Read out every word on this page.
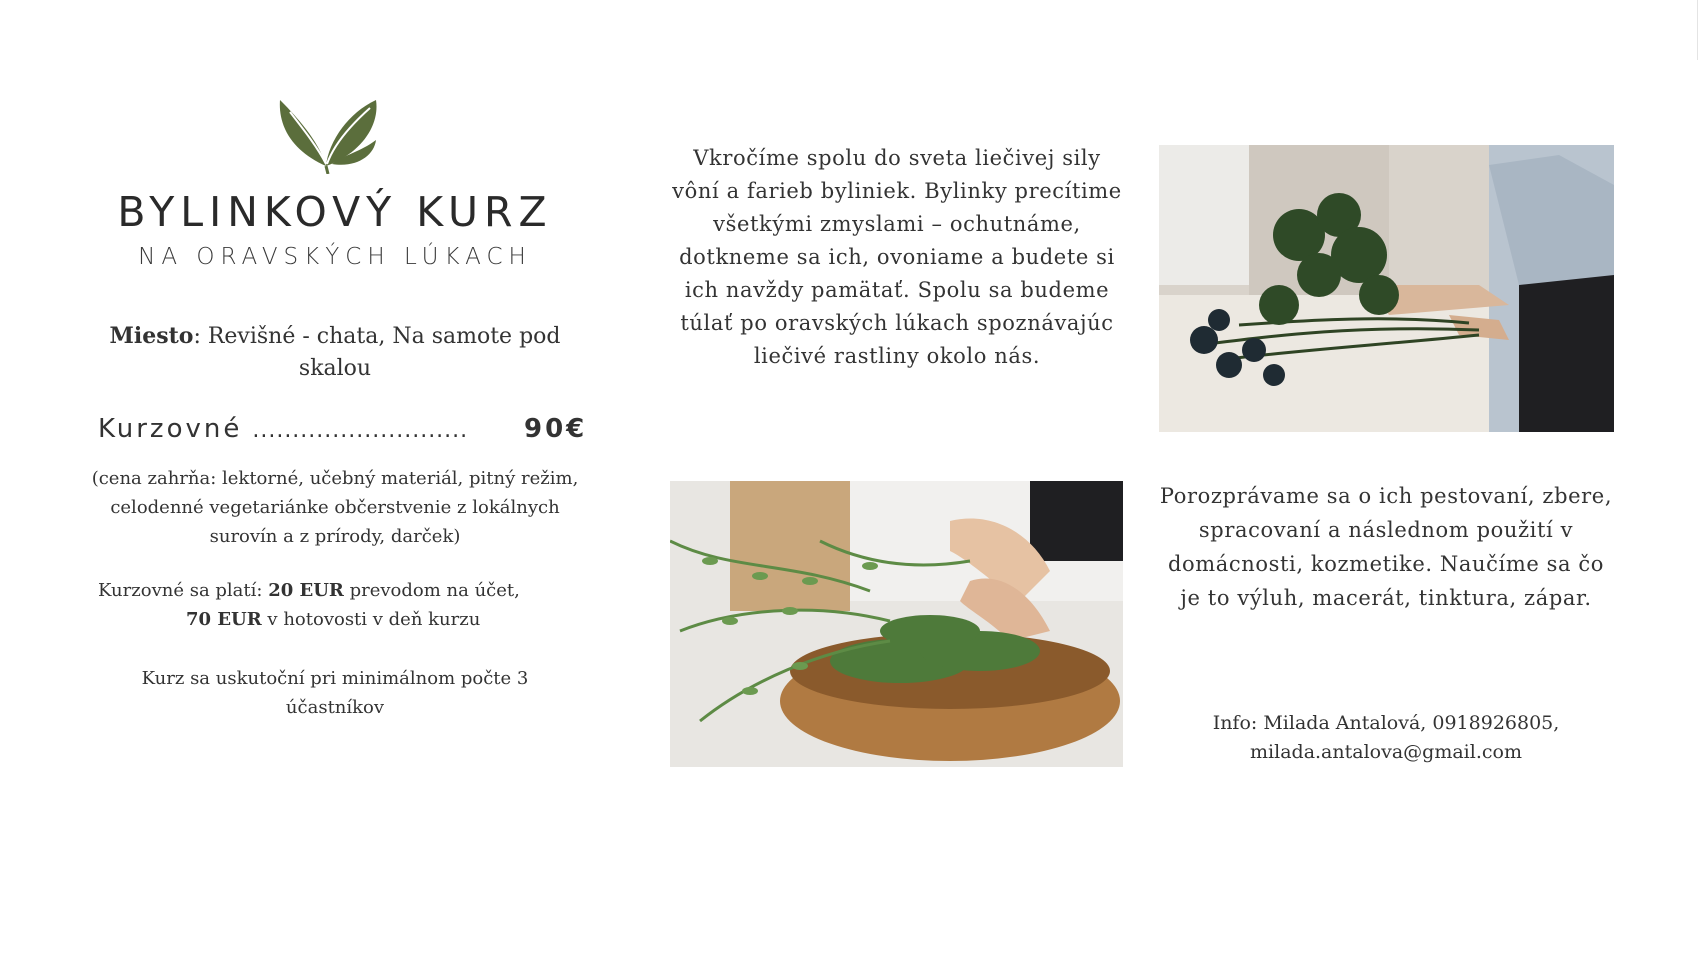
BYLINKOVÝ KURZ
NA ORAVSKÝCH LÚKACH
Miesto: Revišné - chata, Na samote pod skalou
Kurzovné ........................... 90€
(cena zahrňa: lektorné, učebný materiál, pitný režim, celodenné vegetariánke občerstvenie z lokálnych surovín a z prírody, darček)
Kurzovné sa platí: 20 EUR prevodom na účet,
70 EUR v hotovosti v deň kurzu
Kurz sa uskutoční pri minimálnom počte 3 účastníkov
Vkročíme spolu do sveta liečivej sily vôní a farieb byliniek. Bylinky precítime všetkými zmyslami – ochutnáme, dotkneme sa ich, ovoniame a budete si ich navždy pamätať. Spolu sa budeme túlať po oravských lúkach spoznávajúc liečivé rastliny okolo nás.
Porozprávame sa o ich pestovaní, zbere, spracovaní a následnom použití v domácnosti, kozmetike. Naučíme sa čo je to výluh, macerát, tinktura, zápar.
Info: Milada Antalová, 0918926805,
milada.antalova@gmail.com
